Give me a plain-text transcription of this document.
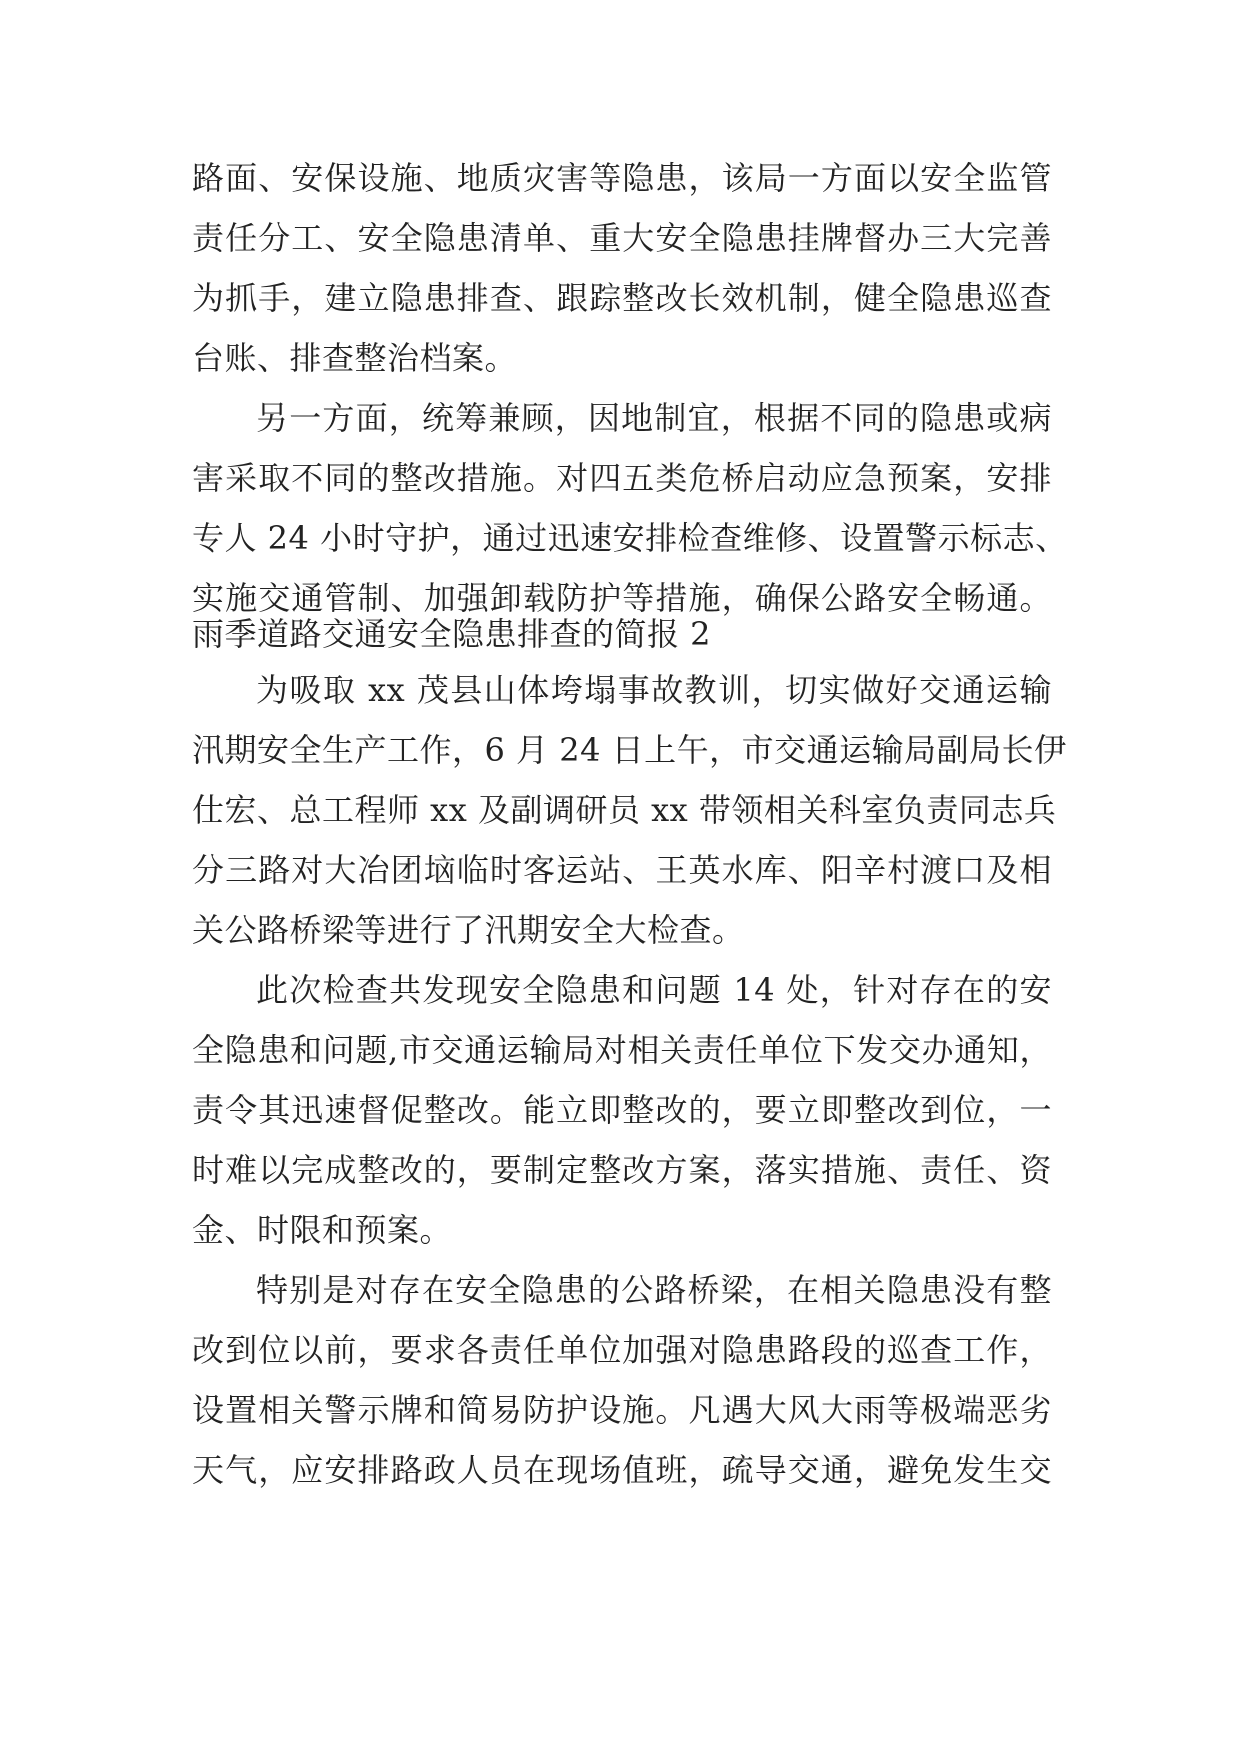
路面、安保设施、地质灾害等隐患，该局一方面以安全监管
责任分工、安全隐患清单、重大安全隐患挂牌督办三大完善
为抓手，建立隐患排查、跟踪整改长效机制，健全隐患巡查
台账、排查整治档案。
另一方面，统筹兼顾，因地制宜，根据不同的隐患或病
害采取不同的整改措施。对四五类危桥启动应急预案，安排
专人 24 小时守护，通过迅速安排检查维修、设置警示标志、
实施交通管制、加强卸载防护等措施，确保公路安全畅通。
雨季道路交通安全隐患排查的简报 2
为吸取 xx 茂县山体垮塌事故教训，切实做好交通运输
汛期安全生产工作，6 月 24 日上午，市交通运输局副局长伊
仕宏、总工程师 xx 及副调研员 xx 带领相关科室负责同志兵
分三路对大冶团垴临时客运站、王英水库、阳辛村渡口及相
关公路桥梁等进行了汛期安全大检查。
此次检查共发现安全隐患和问题 14 处，针对存在的安
全隐患和问题,市交通运输局对相关责任单位下发交办通知，
责令其迅速督促整改。能立即整改的，要立即整改到位，一
时难以完成整改的，要制定整改方案，落实措施、责任、资
金、时限和预案。
特别是对存在安全隐患的公路桥梁，在相关隐患没有整
改到位以前，要求各责任单位加强对隐患路段的巡查工作，
设置相关警示牌和简易防护设施。凡遇大风大雨等极端恶劣
天气，应安排路政人员在现场值班，疏导交通，避免发生交
